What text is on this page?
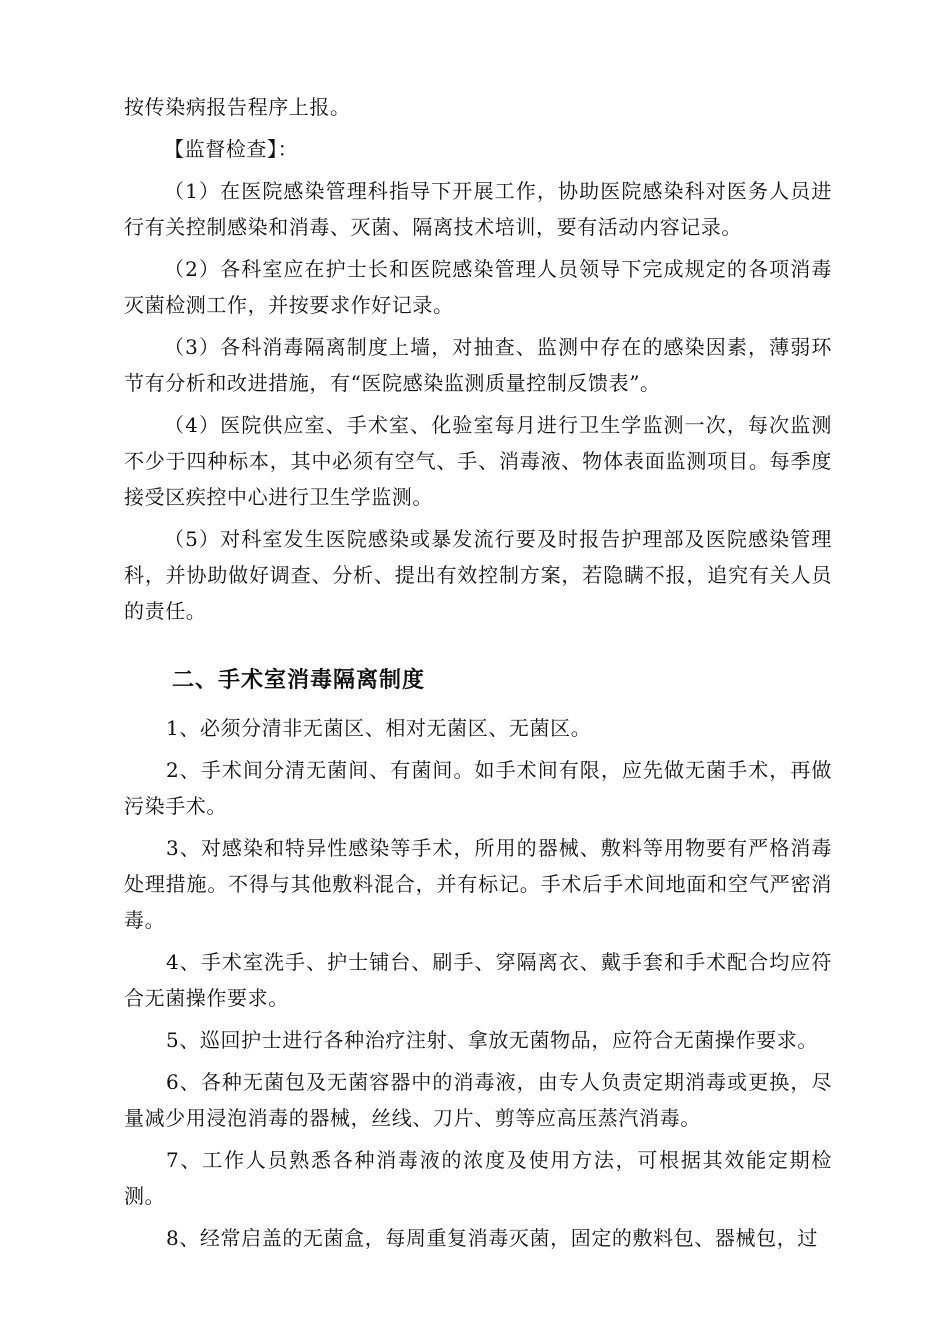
按传染病报告程序上报。

【监督检查】：

（1）在医院感染管理科指导下开展工作，协助医院感染科对医务人员进行有关控制感染和消毒、灭菌、隔离技术培训，要有活动内容记录。

（2）各科室应在护士长和医院感染管理人员领导下完成规定的各项消毒灭菌检测工作，并按要求作好记录。

（3）各科消毒隔离制度上墙，对抽查、监测中存在的感染因素，薄弱环节有分析和改进措施，有“医院感染监测质量控制反馈表”。

（4）医院供应室、手术室、化验室每月进行卫生学监测一次，每次监测不少于四种标本，其中必须有空气、手、消毒液、物体表面监测项目。每季度接受区疾控中心进行卫生学监测。

（5）对科室发生医院感染或暴发流行要及时报告护理部及医院感染管理科，并协助做好调查、分析、提出有效控制方案，若隐瞒不报，追究有关人员的责任。

二、手术室消毒隔离制度

1、必须分清非无菌区、相对无菌区、无菌区。

2、手术间分清无菌间、有菌间。如手术间有限，应先做无菌手术，再做污染手术。

3、对感染和特异性感染等手术，所用的器械、敷料等用物要有严格消毒处理措施。不得与其他敷料混合，并有标记。手术后手术间地面和空气严密消毒。

4、手术室洗手、护士铺台、刷手、穿隔离衣、戴手套和手术配合均应符合无菌操作要求。

5、巡回护士进行各种治疗注射、拿放无菌物品，应符合无菌操作要求。

6、各种无菌包及无菌容器中的消毒液，由专人负责定期消毒或更换，尽量减少用浸泡消毒的器械，丝线、刀片、剪等应高压蒸汽消毒。

7、工作人员熟悉各种消毒液的浓度及使用方法，可根据其效能定期检测。

8、经常启盖的无菌盒，每周重复消毒灭菌，固定的敷料包、器械包，过
